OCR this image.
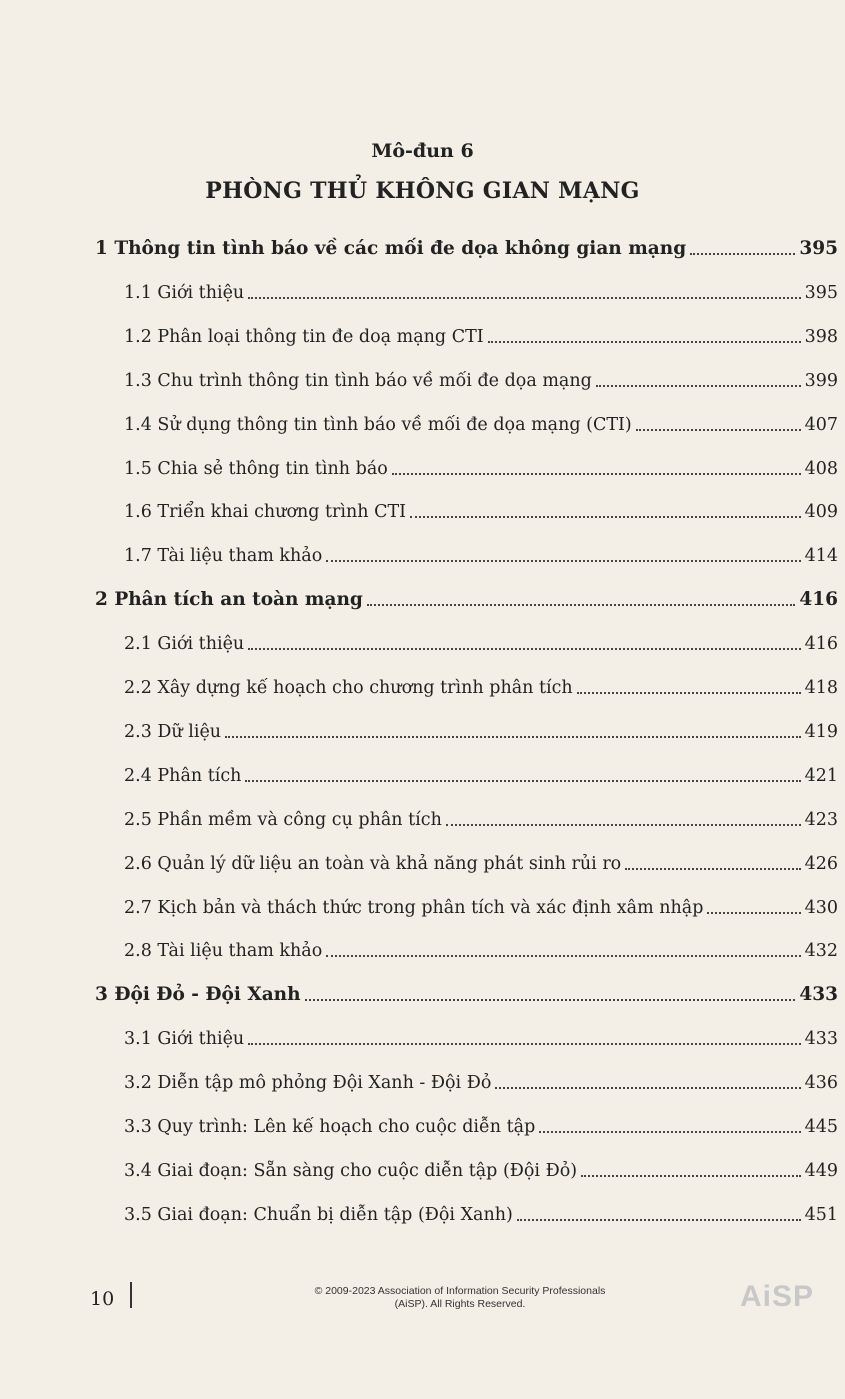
Mô-đun 6
PHÒNG THỦ KHÔNG GIAN MẠNG
1 Thông tin tình báo về các mối đe dọa không gian mạng	395
1.1 Giới thiệu	395
1.2 Phân loại thông tin đe doạ mạng CTI	398
1.3 Chu trình thông tin tình báo về mối đe dọa mạng	399
1.4 Sử dụng thông tin tình báo về mối đe dọa mạng (CTI)	407
1.5 Chia sẻ thông tin tình báo	408
1.6 Triển khai chương trình CTI	409
1.7 Tài liệu tham khảo	414
2 Phân tích an toàn mạng	416
2.1 Giới thiệu	416
2.2 Xây dựng kế hoạch cho chương trình phân tích	418
2.3 Dữ liệu	419
2.4 Phân tích	421
2.5 Phần mềm và công cụ phân tích	423
2.6 Quản lý dữ liệu an toàn và khả năng phát sinh rủi ro	426
2.7 Kịch bản và thách thức trong phân tích và xác định xâm nhập	430
2.8 Tài liệu tham khảo	432
3 Đội Đỏ - Đội Xanh	433
3.1 Giới thiệu	433
3.2 Diễn tập mô phỏng Đội Xanh - Đội Đỏ	436
3.3 Quy trình: Lên kế hoạch cho cuộc diễn tập	445
3.4 Giai đoạn: Sẵn sàng cho cuộc diễn tập (Đội Đỏ)	449
3.5 Giai đoạn: Chuẩn bị diễn tập (Đội Xanh)	451
10	© 2009-2023 Association of Information Security Professionals
(AiSP). All Rights Reserved.	AiSP
